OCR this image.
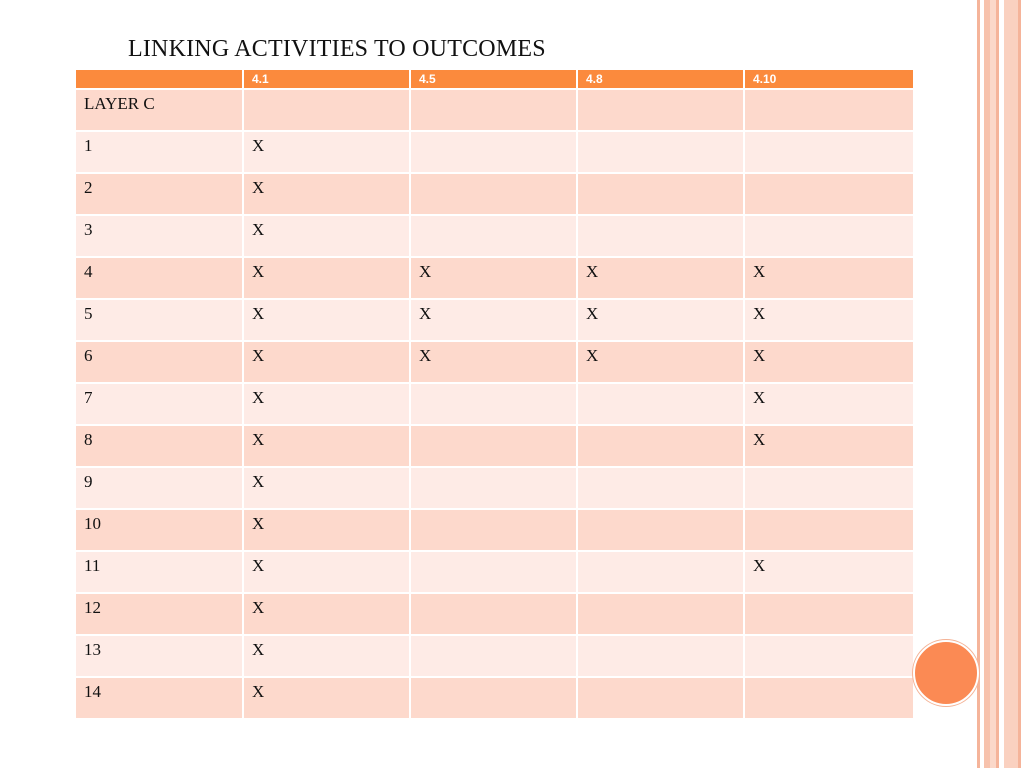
LINKING ACTIVITIES TO OUTCOMES
	4.1	4.5	4.8	4.10
LAYER C				
1	X			
2	X			
3	X			
4	X	X	X	X
5	X	X	X	X
6	X	X	X	X
7	X			X
8	X			X
9	X			
10	X			
11	X			X
12	X			
13	X			
14	X			
